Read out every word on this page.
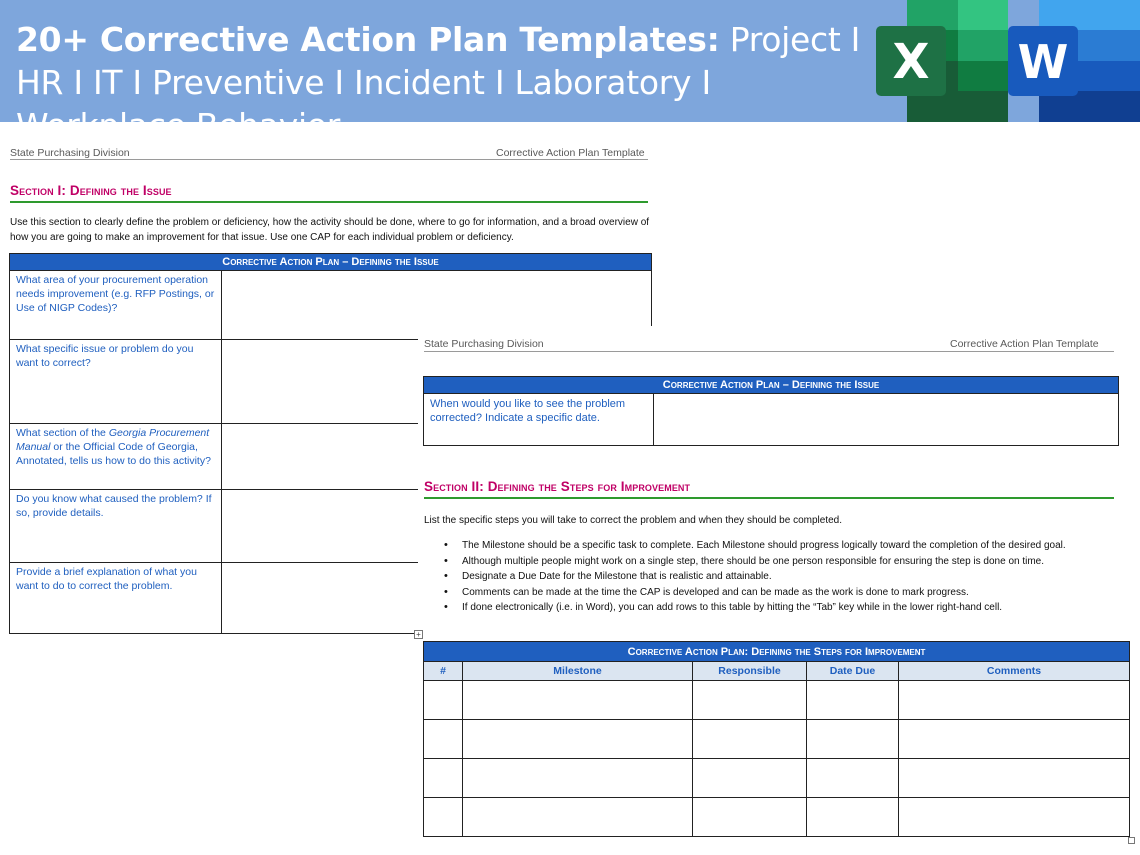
20+ Corrective Action Plan Templates: Project I HR I IT I Preventive I Incident I Laboratory I	X W
State Purchasing Division	Corrective Action Plan Template
Section I: Defining the Issue
Use this section to clearly define the problem or deficiency, how the activity should be done, where to go for information, and a broad overview of how you are going to make an improvement for that issue. Use one CAP for each individual problem or deficiency.
Corrective Action Plan – Defining the Issue	
What area of your procurement operation needs improvement (e.g. RFP Postings, or Use of NIGP Codes)?	
What specific issue or problem do you want to correct?	
What section of the Georgia Procurement Manual or the Official Code of Georgia, Annotated, tells us how to do this activity?	
Do you know what caused the problem? If so, provide details.	
Provide a brief explanation of what you want to do to correct the problem.	
State Purchasing Division	Corrective Action Plan Template
Corrective Action Plan – Defining the Issue
When would you like to see the problem corrected? Indicate a specific date.	
Section II: Defining the Steps for Improvement
List the specific steps you will take to correct the problem and when they should be completed.
• The Milestone should be a specific task to complete. Each Milestone should progress logically toward the completion of the desired goal.
• Although multiple people might work on a single step, there should be one person responsible for ensuring the step is done on time.
• Designate a Due Date for the Milestone that is realistic and attainable.
• Comments can be made at the time the CAP is developed and can be made as the work is done to mark progress.
• If done electronically (i.e. in Word), you can add rows to this table by hitting the “Tab” key while in the lower right-hand cell.
+
Corrective Action Plan: Defining the Steps for Improvement				
#	Milestone	Responsible	Date Due	Comments
